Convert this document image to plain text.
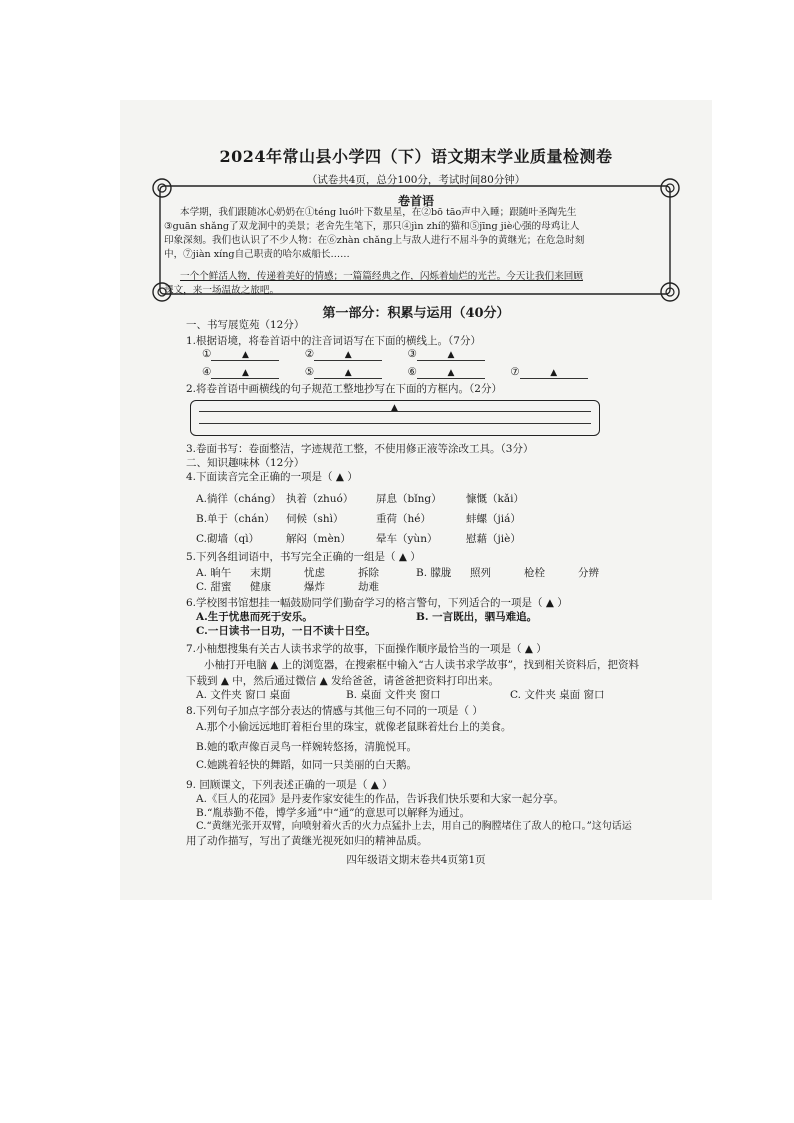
2024年常山县小学四（下）语文期末学业质量检测卷
（试卷共4页，总分100分，考试时间80分钟）
卷首语
本学期，我们跟随冰心奶奶在①téng luó叶下数星星，在②bō tāo声中入睡；跟随叶圣陶先生
③guān shǎng了双龙洞中的美景；老舍先生笔下，那只④jìn zhí的猫和⑤jīng jiè心强的母鸡让人
印象深刻。我们也认识了不少人物：在⑥zhàn chǎng上与敌人进行不屈斗争的黄继光；在危急时刻
中，⑦jiàn xíng自己职责的哈尔威船长……
一个个鲜活人物，传递着美好的情感；一篇篇经典之作，闪烁着灿烂的光芒。今天让我们来回顾
课文，来一场温故之旅吧。
第一部分：积累与运用（40分）
一、书写展览苑（12分）
1.根据语境，将卷首语中的注音词语写在下面的横线上。（7分）
①	▲	②	▲	③	▲
④	▲	⑤	▲	⑥	▲	⑦	▲
2.将卷首语中画横线的句子规范工整地抄写在下面的方框内。（2分）
▲
3.卷面书写：卷面整洁，字迹规范工整，不使用修正液等涂改工具。（3分）
二、知识趣味林（12分）
4.下面读音完全正确的一项是（ ▲ ）
A.徜徉（cháng） 执着（zhuó） 屏息（bǐng） 慷慨（kǎi）
B.单于（chán） 伺候（shì）	重荷（hé）	蚌螺（jiá）
C.砌墙（qì）	解闷（mèn） 晕车（yùn）	慰藉（jiè）
5.下列各组词语中，书写完全正确的一组是（ ▲ ）
A. 晌午 末期	忧虑	拆除	B. 朦胧 照列	枪栓	分辨
C. 甜蜜 健康	爆炸	劫难
6.学校图书馆想挂一幅鼓励同学们勤奋学习的格言警句，下列适合的一项是（ ▲ ）
A.生于忧患而死于安乐。	B. 一言既出，驷马难追。
C.一日读书一日功，一日不读十日空。
7.小柚想搜集有关古人读书求学的故事，下面操作顺序最恰当的一项是（ ▲ ）
小柚打开电脑 ▲ 上的浏览器，在搜索框中输入“古人读书求学故事”，找到相关资料后，把资料
下载到 ▲ 中，然后通过微信 ▲ 发给爸爸，请爸爸把资料打印出来。
A. 文件夹 窗口 桌面	B. 桌面 文件夹 窗口	C. 文件夹 桌面 窗口
8.下列句子加点字部分表达的情感与其他三句不同的一项是（ ）
A.那个小偷远远地盯着柜台里的珠宝，就像老鼠眯着灶台上的美食。
B.她的歌声像百灵鸟一样婉转悠扬，清脆悦耳。
C.她跳着轻快的舞蹈，如同一只美丽的白天鹅。
9. 回顾课文，下列表述正确的一项是（ ▲ ）
A.《巨人的花园》是丹麦作家安徒生的作品，告诉我们快乐要和大家一起分享。
B.“胤恭勤不倦，博学多通”中“通”的意思可以解释为通过。
C.“黄继光张开双臂，向喷射着火舌的火力点猛扑上去，用自己的胸膛堵住了敌人的枪口。”这句话运
用了动作描写，写出了黄继光视死如归的精神品质。
四年级语文期末卷共4页第1页
